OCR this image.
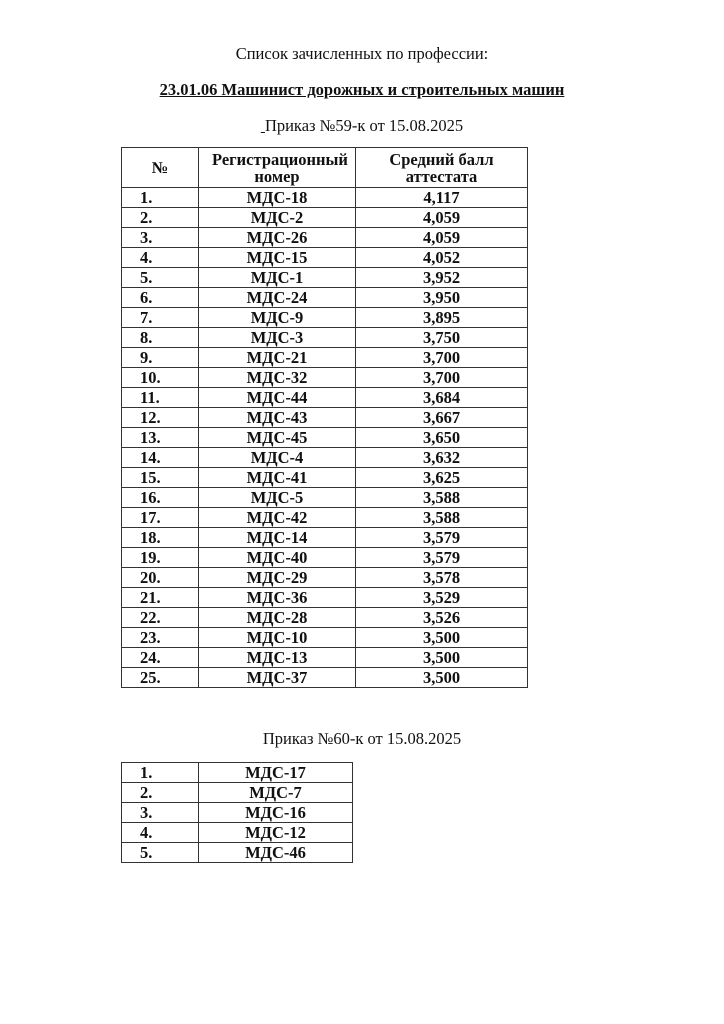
Список зачисленных по профессии:
23.01.06 Машинист дорожных и строительных машин
Приказ №59-к от 15.08.2025
№	Регистрационный номер	Средний балл аттестата
1.	МДС-18	4,117
2.	МДС-2	4,059
3.	МДС-26	4,059
4.	МДС-15	4,052
5.	МДС-1	3,952
6.	МДС-24	3,950
7.	МДС-9	3,895
8.	МДС-3	3,750
9.	МДС-21	3,700
10.	МДС-32	3,700
11.	МДС-44	3,684
12.	МДС-43	3,667
13.	МДС-45	3,650
14.	МДС-4	3,632
15.	МДС-41	3,625
16.	МДС-5	3,588
17.	МДС-42	3,588
18.	МДС-14	3,579
19.	МДС-40	3,579
20.	МДС-29	3,578
21.	МДС-36	3,529
22.	МДС-28	3,526
23.	МДС-10	3,500
24.	МДС-13	3,500
25.	МДС-37	3,500
Приказ №60-к от 15.08.2025
1.	МДС-17
2.	МДС-7
3.	МДС-16
4.	МДС-12
5.	МДС-46
